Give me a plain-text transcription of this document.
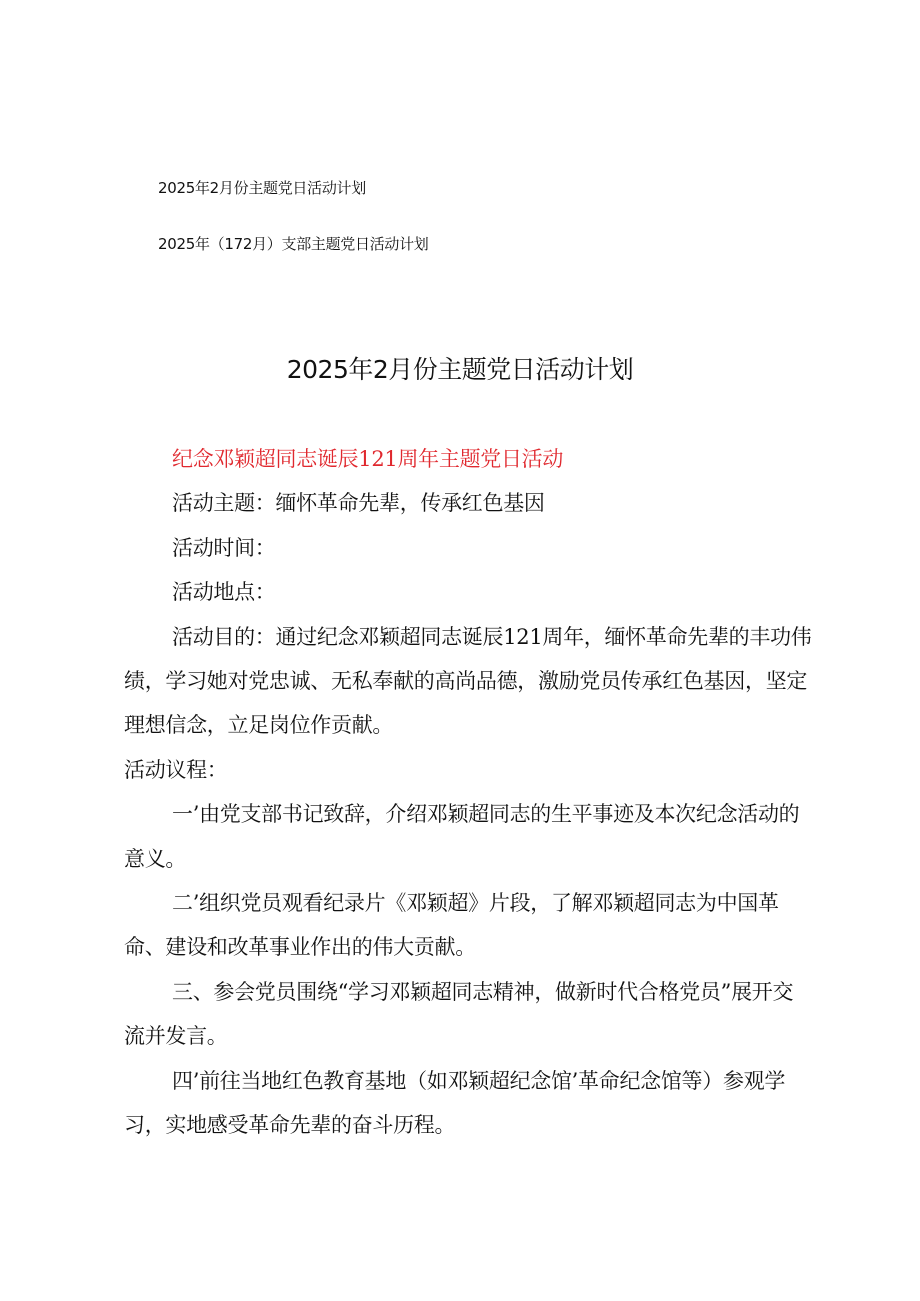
2025年2月份主题党日活动计划
2025年（172月）支部主题党日活动计划
2025年2月份主题党日活动计划

纪念邓颖超同志诞辰121周年主题党日活动

活动主题：缅怀革命先辈，传承红色基因

活动时间：

活动地点：

活动目的：通过纪念邓颖超同志诞辰121周年，缅怀革命先辈的丰功伟绩，学习她对党忠诚、无私奉献的高尚品德，激励党员传承红色基因，坚定理想信念，立足岗位作贡献。

活动议程：

一’由党支部书记致辞，介绍邓颖超同志的生平事迹及本次纪念活动的意义。

二’组织党员观看纪录片《邓颖超》片段，了解邓颖超同志为中国革命、建设和改革事业作出的伟大贡献。

三、参会党员围绕“学习邓颖超同志精神，做新时代合格党员”展开交流并发言。

四’前往当地红色教育基地（如邓颖超纪念馆’革命纪念馆等）参观学习，实地感受革命先辈的奋斗历程。
